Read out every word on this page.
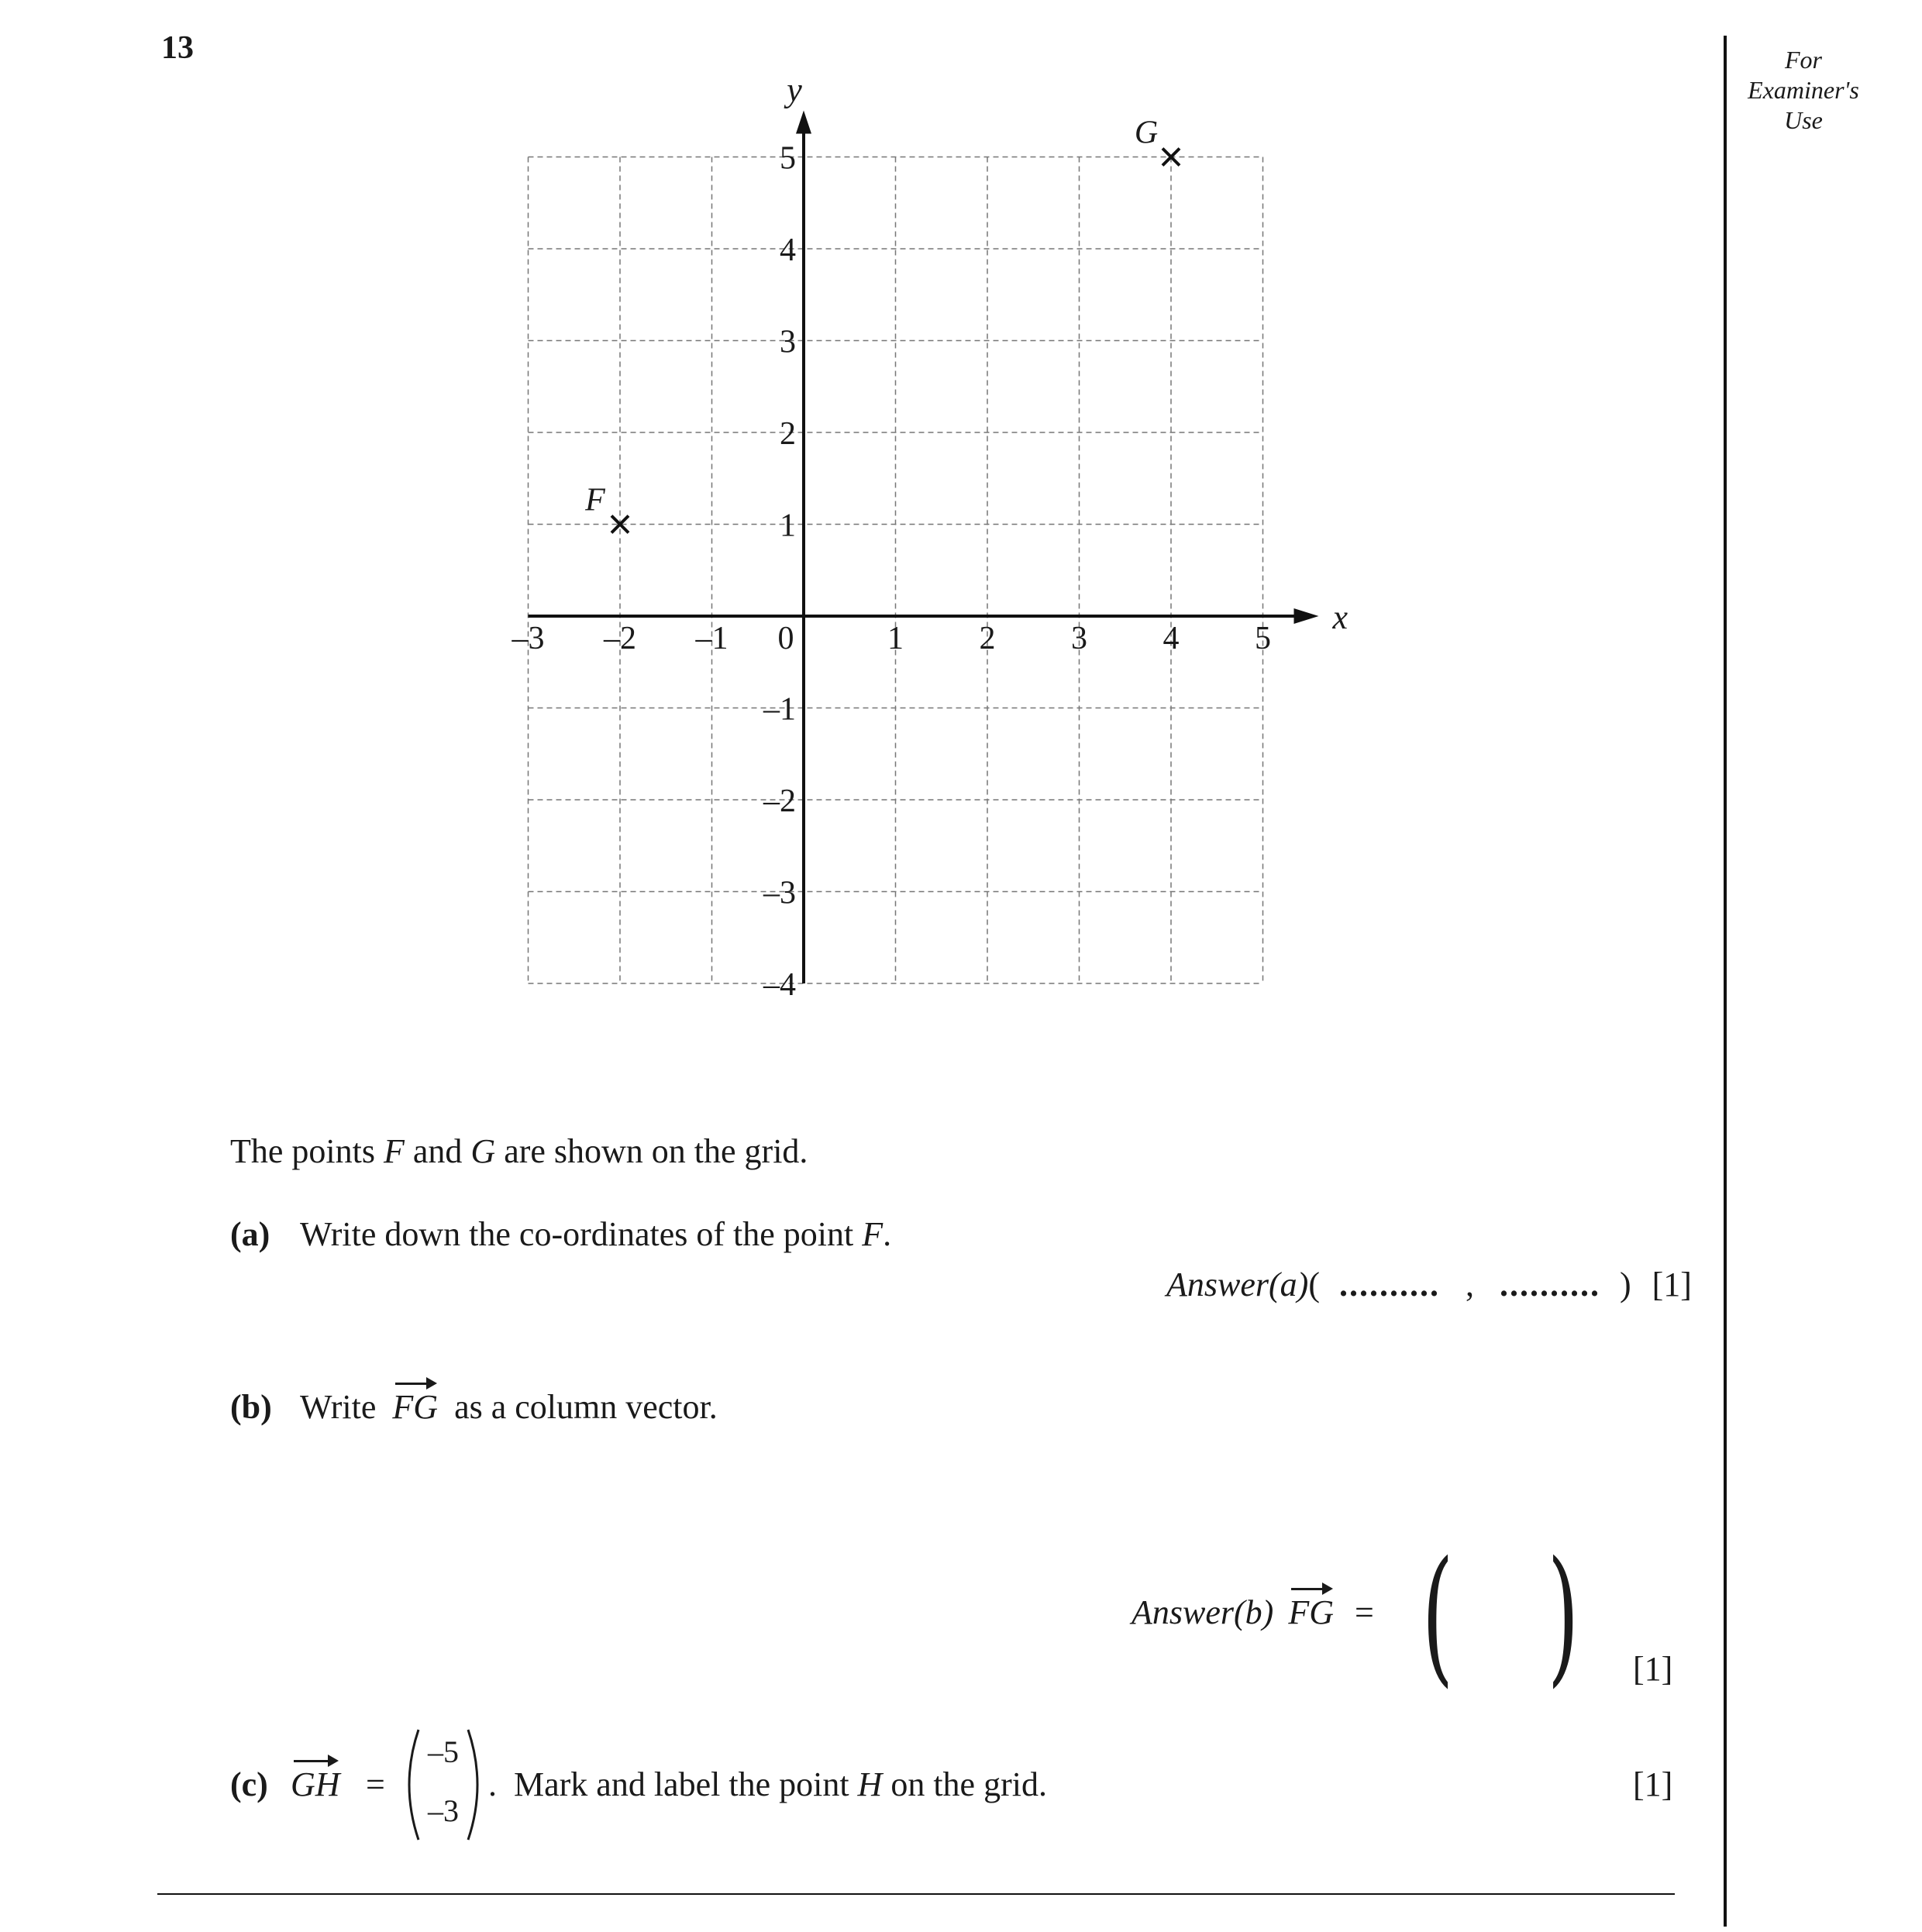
13	For
Examiner's
Use
x
y
–3 –2 –1 0	1 2 3 4 5
5
4
3
2
1
–1
–2
–3
–4
F
G
The points F and G are shown on the grid.
(a) Write down the co-ordinates of the point F.
Answer(a)( .......... , .......... ) [1]
(b) Write FG as a column vector.
Answer(b) FG = ( ) [1]
(c) GH =
–5
–3
.  Mark and label the point H on the grid.	[1]
